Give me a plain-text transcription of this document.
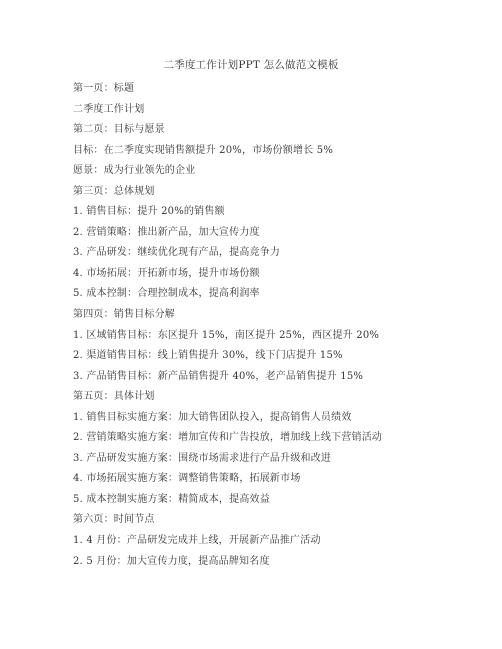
二季度工作计划PPT 怎么做范文模板
第一页：标题
二季度工作计划
第二页：目标与愿景
目标：在二季度实现销售额提升 20%，市场份额增长 5%
愿景：成为行业领先的企业
第三页：总体规划
1. 销售目标：提升 20%的销售额
2. 营销策略：推出新产品，加大宣传力度
3. 产品研发：继续优化现有产品，提高竞争力
4. 市场拓展：开拓新市场，提升市场份额
5. 成本控制：合理控制成本，提高利润率
第四页：销售目标分解
1. 区域销售目标：东区提升 15%，南区提升 25%，西区提升 20%
2. 渠道销售目标：线上销售提升 30%，线下门店提升 15%
3. 产品销售目标：新产品销售提升 40%，老产品销售提升 15%
第五页：具体计划
1. 销售目标实施方案：加大销售团队投入，提高销售人员绩效
2. 营销策略实施方案：增加宣传和广告投放，增加线上线下营销活动
3. 产品研发实施方案：围绕市场需求进行产品升级和改进
4. 市场拓展实施方案：调整销售策略，拓展新市场
5. 成本控制实施方案：精简成本，提高效益
第六页：时间节点
1. 4 月份：产品研发完成并上线，开展新产品推广活动
2. 5 月份：加大宣传力度，提高品牌知名度
